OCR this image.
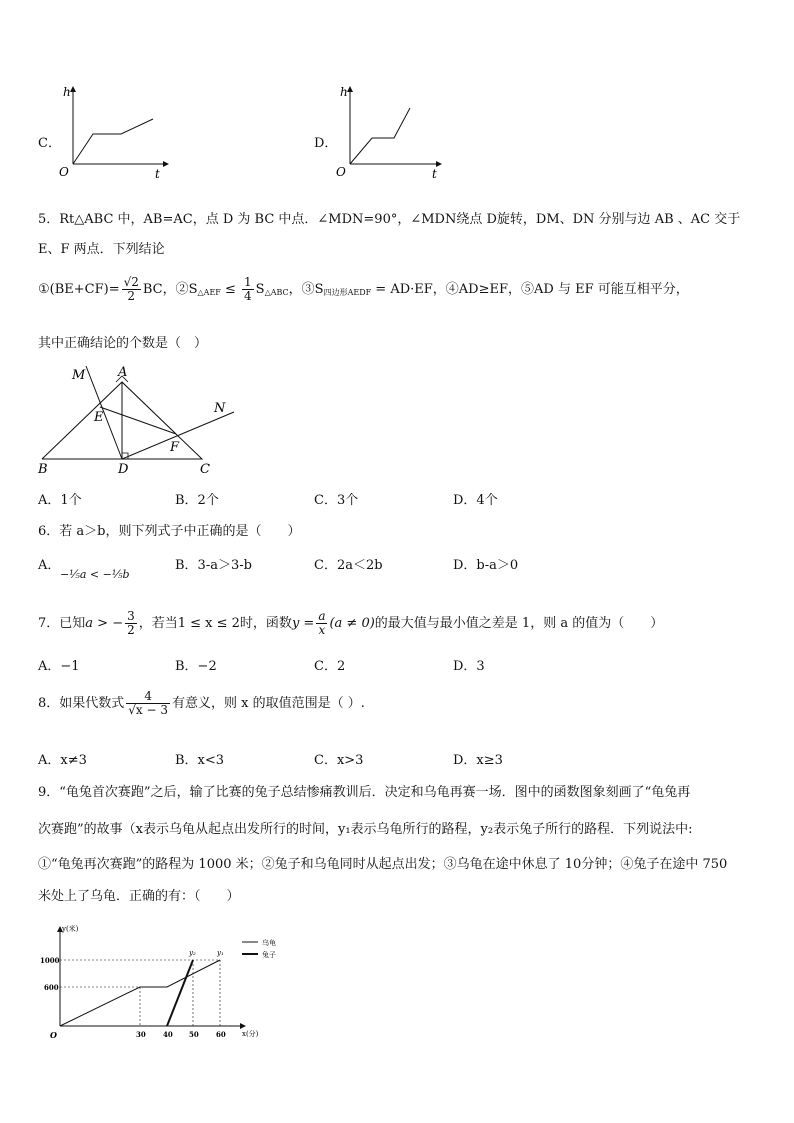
C．
h
t
O
D．
h
t
O
5．Rt△ABC 中，AB=AC，点 D 为 BC 中点．∠MDN=90°，∠MDN绕点 D旋转，DM、DN 分别与边 AB 、AC 交于
E、F 两点．下列结论
①(BE+CF)= $\frac{√2}{2}$ BC，$②S_{\triangle AEF} \le \frac{1}{4} S_{\triangle ABC}$，$③S_{四边形AEDF} = AD\cdot EF$，④AD≥EF，⑤AD 与 EF 可能互相平分，
其中正确结论的个数是（　）
M	A
N
E
F
B	D	C
A．1个	B．2个	C．3个	D．4个
6．若 a＞b，则下列式子中正确的是（　　）
A．
−⅕a < −⅕b
B．3-a＞3-b	C．2a＜2b	D．b-a＞0
7．已知a > − $\frac{3}{2}$ ，若当1 ≤ x ≤ 2时，函数$y = \frac{a}{x} (a \ne 0)$的最大值与最小值之差是 1，则 a 的值为（　　）
A．−1	B．−2	C．2	D．3
8．如果代数式 $\frac{4}{√x - 3}$ 有意义，则 x 的取值范围是（ ）.
A．x≠3	B．x<3	C．x>3	D．x≥3
9．“龟兔首次赛跑”之后，输了比赛的兔子总结惨痛教训后．决定和乌龟再赛一场．图中的函数图象刻画了“龟兔再
次赛跑”的故事（x表示乌龟从起点出发所行的时间，y₁表示乌龟所行的路程，y₂表示兔子所行的路程．下列说法中:
①“龟兔再次赛跑”的路程为 1000 米；②兔子和乌龟同时从起点出发；③乌龟在途中休息了 10分钟；④兔子在途中 750
米处上了乌龟．正确的有：（　　）
y(米)
x(分)
O
1000
600
30 40 50 60
y₂	y₁
乌龟
兔子
